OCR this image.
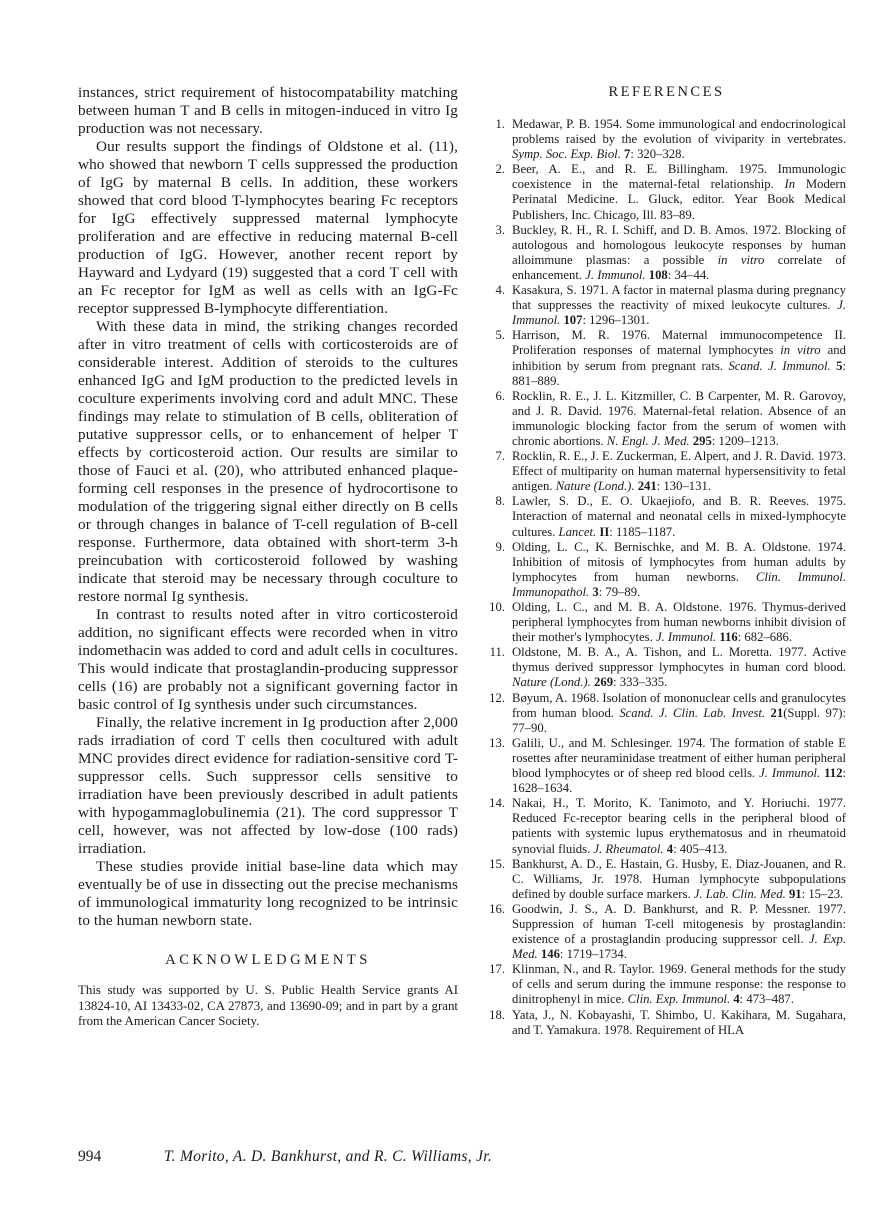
instances, strict requirement of histocompatability matching between human T and B cells in mitogen-induced in vitro Ig production was not necessary.

Our results support the findings of Oldstone et al. (11), who showed that newborn T cells suppressed the production of IgG by maternal B cells. In addition, these workers showed that cord blood T-lymphocytes bearing Fc receptors for IgG effectively suppressed maternal lymphocyte proliferation and are effective in reducing maternal B-cell production of IgG. However, another recent report by Hayward and Lydyard (19) suggested that a cord T cell with an Fc receptor for IgM as well as cells with an IgG-Fc receptor suppressed B-lymphocyte differentiation.

With these data in mind, the striking changes recorded after in vitro treatment of cells with corticosteroids are of considerable interest. Addition of steroids to the cultures enhanced IgG and IgM production to the predicted levels in coculture experiments involving cord and adult MNC. These findings may relate to stimulation of B cells, obliteration of putative suppressor cells, or to enhancement of helper T effects by corticosteroid action. Our results are similar to those of Fauci et al. (20), who attributed enhanced plaque-forming cell responses in the presence of hydrocortisone to modulation of the triggering signal either directly on B cells or through changes in balance of T-cell regulation of B-cell response. Furthermore, data obtained with short-term 3-h preincubation with corticosteroid followed by washing indicate that steroid may be necessary through coculture to restore normal Ig synthesis.

In contrast to results noted after in vitro corticosteroid addition, no significant effects were recorded when in vitro indomethacin was added to cord and adult cells in cocultures. This would indicate that prostaglandin-producing suppressor cells (16) are probably not a significant governing factor in basic control of Ig synthesis under such circumstances.

Finally, the relative increment in Ig production after 2,000 rads irradiation of cord T cells then cocultured with adult MNC provides direct evidence for radiation-sensitive cord T-suppressor cells. Such suppressor cells sensitive to irradiation have been previously described in adult patients with hypogammaglobulinemia (21). The cord suppressor T cell, however, was not affected by low-dose (100 rads) irradiation.

These studies provide initial base-line data which may eventually be of use in dissecting out the precise mechanisms of immunological immaturity long recognized to be intrinsic to the human newborn state.

ACKNOWLEDGMENTS

This study was supported by U. S. Public Health Service grants AI 13824-10, AI 13433-02, CA 27873, and 13690-09; and in part by a grant from the American Cancer Society.

REFERENCES
1. Medawar, P. B. 1954. Some immunological and endocrinological problems raised by the evolution of viviparity in vertebrates. Symp. Soc. Exp. Biol. 7: 320–328.
2. Beer, A. E., and R. E. Billingham. 1975. Immunologic coexistence in the maternal-fetal relationship. In Modern Perinatal Medicine. L. Gluck, editor. Year Book Medical Publishers, Inc. Chicago, Ill. 83–89.
3. Buckley, R. H., R. I. Schiff, and D. B. Amos. 1972. Blocking of autologous and homologous leukocyte responses by human alloimmune plasmas: a possible in vitro correlate of enhancement. J. Immunol. 108: 34–44.
4. Kasakura, S. 1971. A factor in maternal plasma during pregnancy that suppresses the reactivity of mixed leukocyte cultures. J. Immunol. 107: 1296–1301.
5. Harrison, M. R. 1976. Maternal immunocompetence II. Proliferation responses of maternal lymphocytes in vitro and inhibition by serum from pregnant rats. Scand. J. Immunol. 5: 881–889.
6. Rocklin, R. E., J. L. Kitzmiller, C. B Carpenter, M. R. Garovoy, and J. R. David. 1976. Maternal-fetal relation. Absence of an immunologic blocking factor from the serum of women with chronic abortions. N. Engl. J. Med. 295: 1209–1213.
7. Rocklin, R. E., J. E. Zuckerman, E. Alpert, and J. R. David. 1973. Effect of multiparity on human maternal hypersensitivity to fetal antigen. Nature (Lond.). 241: 130–131.
8. Lawler, S. D., E. O. Ukaejiofo, and B. R. Reeves. 1975. Interaction of maternal and neonatal cells in mixed-lymphocyte cultures. Lancet. II: 1185–1187.
9. Olding, L. C., K. Bernischke, and M. B. A. Oldstone. 1974. Inhibition of mitosis of lymphocytes from human adults by lymphocytes from human newborns. Clin. Immunol. Immunopathol. 3: 79–89.
10. Olding, L. C., and M. B. A. Oldstone. 1976. Thymus-derived peripheral lymphocytes from human newborns inhibit division of their mother's lymphocytes. J. Immunol. 116: 682–686.
11. Oldstone, M. B. A., A. Tishon, and L. Moretta. 1977. Active thymus derived suppressor lymphocytes in human cord blood. Nature (Lond.). 269: 333–335.
12. Bøyum, A. 1968. Isolation of mononuclear cells and granulocytes from human blood. Scand. J. Clin. Lab. Invest. 21(Suppl. 97): 77–90.
13. Galili, U., and M. Schlesinger. 1974. The formation of stable E rosettes after neuraminidase treatment of either human peripheral blood lymphocytes or of sheep red blood cells. J. Immunol. 112: 1628–1634.
14. Nakai, H., T. Morito, K. Tanimoto, and Y. Horiuchi. 1977. Reduced Fc-receptor bearing cells in the peripheral blood of patients with systemic lupus erythematosus and in rheumatoid synovial fluids. J. Rheumatol. 4: 405–413.
15. Bankhurst, A. D., E. Hastain, G. Husby, E. Diaz-Jouanen, and R. C. Williams, Jr. 1978. Human lymphocyte subpopulations defined by double surface markers. J. Lab. Clin. Med. 91: 15–23.
16. Goodwin, J. S., A. D. Bankhurst, and R. P. Messner. 1977. Suppression of human T-cell mitogenesis by prostaglandin: existence of a prostaglandin producing suppressor cell. J. Exp. Med. 146: 1719–1734.
17. Klinman, N., and R. Taylor. 1969. General methods for the study of cells and serum during the immune response: the response to dinitrophenyl in mice. Clin. Exp. Immunol. 4: 473–487.
18. Yata, J., N. Kobayashi, T. Shimbo, U. Kakihara, M. Sugahara, and T. Yamakura. 1978. Requirement of HLA
994	T. Morito, A. D. Bankhurst, and R. C. Williams, Jr.
